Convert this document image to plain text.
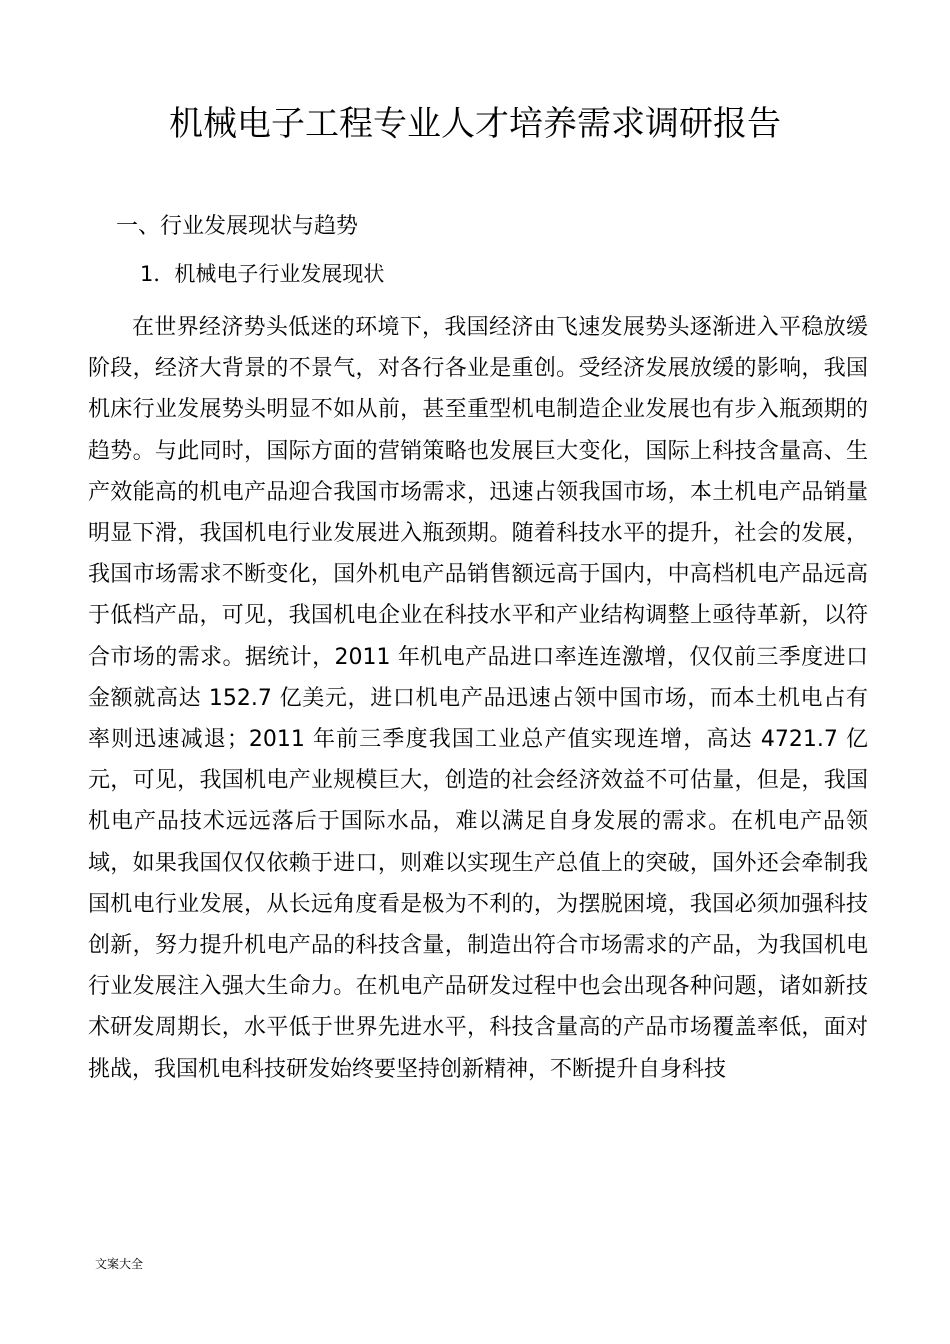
机械电子工程专业人才培养需求调研报告
一、行业发展现状与趋势
1．机械电子行业发展现状

在世界经济势头低迷的环境下，我国经济由飞速发展势头逐渐进入平稳放缓阶段，经济大背景的不景气，对各行各业是重创。受经济发展放缓的影响，我国机床行业发展势头明显不如从前，甚至重型机电制造企业发展也有步入瓶颈期的趋势。与此同时，国际方面的营销策略也发展巨大变化，国际上科技含量高、生产效能高的机电产品迎合我国市场需求，迅速占领我国市场，本土机电产品销量明显下滑，我国机电行业发展进入瓶颈期。随着科技水平的提升，社会的发展，我国市场需求不断变化，国外机电产品销售额远高于国内，中高档机电产品远高于低档产品，可见，我国机电企业在科技水平和产业结构调整上亟待革新，以符合市场的需求。据统计，2011 年机电产品进口率连连激增，仅仅前三季度进口金额就高达 152.7 亿美元，进口机电产品迅速占领中国市场，而本土机电占有率则迅速减退；2011 年前三季度我国工业总产值实现连增，高达 4721.7 亿元，可见，我国机电产业规模巨大，创造的社会经济效益不可估量，但是，我国机电产品技术远远落后于国际水品，难以满足自身发展的需求。在机电产品领域，如果我国仅仅依赖于进口，则难以实现生产总值上的突破，国外还会牵制我国机电行业发展，从长远角度看是极为不利的，为摆脱困境，我国必须加强科技创新，努力提升机电产品的科技含量，制造出符合市场需求的产品，为我国机电行业发展注入强大生命力。在机电产品研发过程中也会出现各种问题，诸如新技术研发周期长，水平低于世界先进水平，科技含量高的产品市场覆盖率低，面对挑战，我国机电科技研发始终要坚持创新精神，不断提升自身科技

文案大全
